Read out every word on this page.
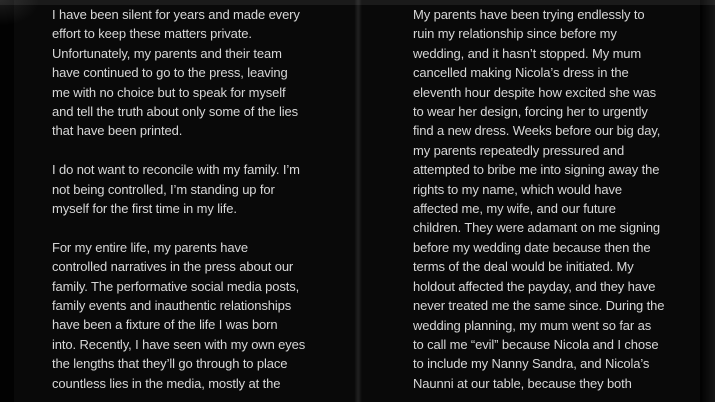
I have been silent for years and made every
effort to keep these matters private.
Unfortunately, my parents and their team
have continued to go to the press, leaving
me with no choice but to speak for myself
and tell the truth about only some of the lies
that have been printed.
I do not want to reconcile with my family. I’m
not being controlled, I’m standing up for
myself for the first time in my life.
For my entire life, my parents have
controlled narratives in the press about our
family. The performative social media posts,
family events and inauthentic relationships
have been a fixture of the life I was born
into. Recently, I have seen with my own eyes
the lengths that they’ll go through to place
countless lies in the media, mostly at the
My parents have been trying endlessly to
ruin my relationship since before my
wedding, and it hasn’t stopped. My mum
cancelled making Nicola’s dress in the
eleventh hour despite how excited she was
to wear her design, forcing her to urgently
find a new dress. Weeks before our big day,
my parents repeatedly pressured and
attempted to bribe me into signing away the
rights to my name, which would have
affected me, my wife, and our future
children. They were adamant on me signing
before my wedding date because then the
terms of the deal would be initiated. My
holdout affected the payday, and they have
never treated me the same since. During the
wedding planning, my mum went so far as
to call me “evil” because Nicola and I chose
to include my Nanny Sandra, and Nicola’s
Naunni at our table, because they both
